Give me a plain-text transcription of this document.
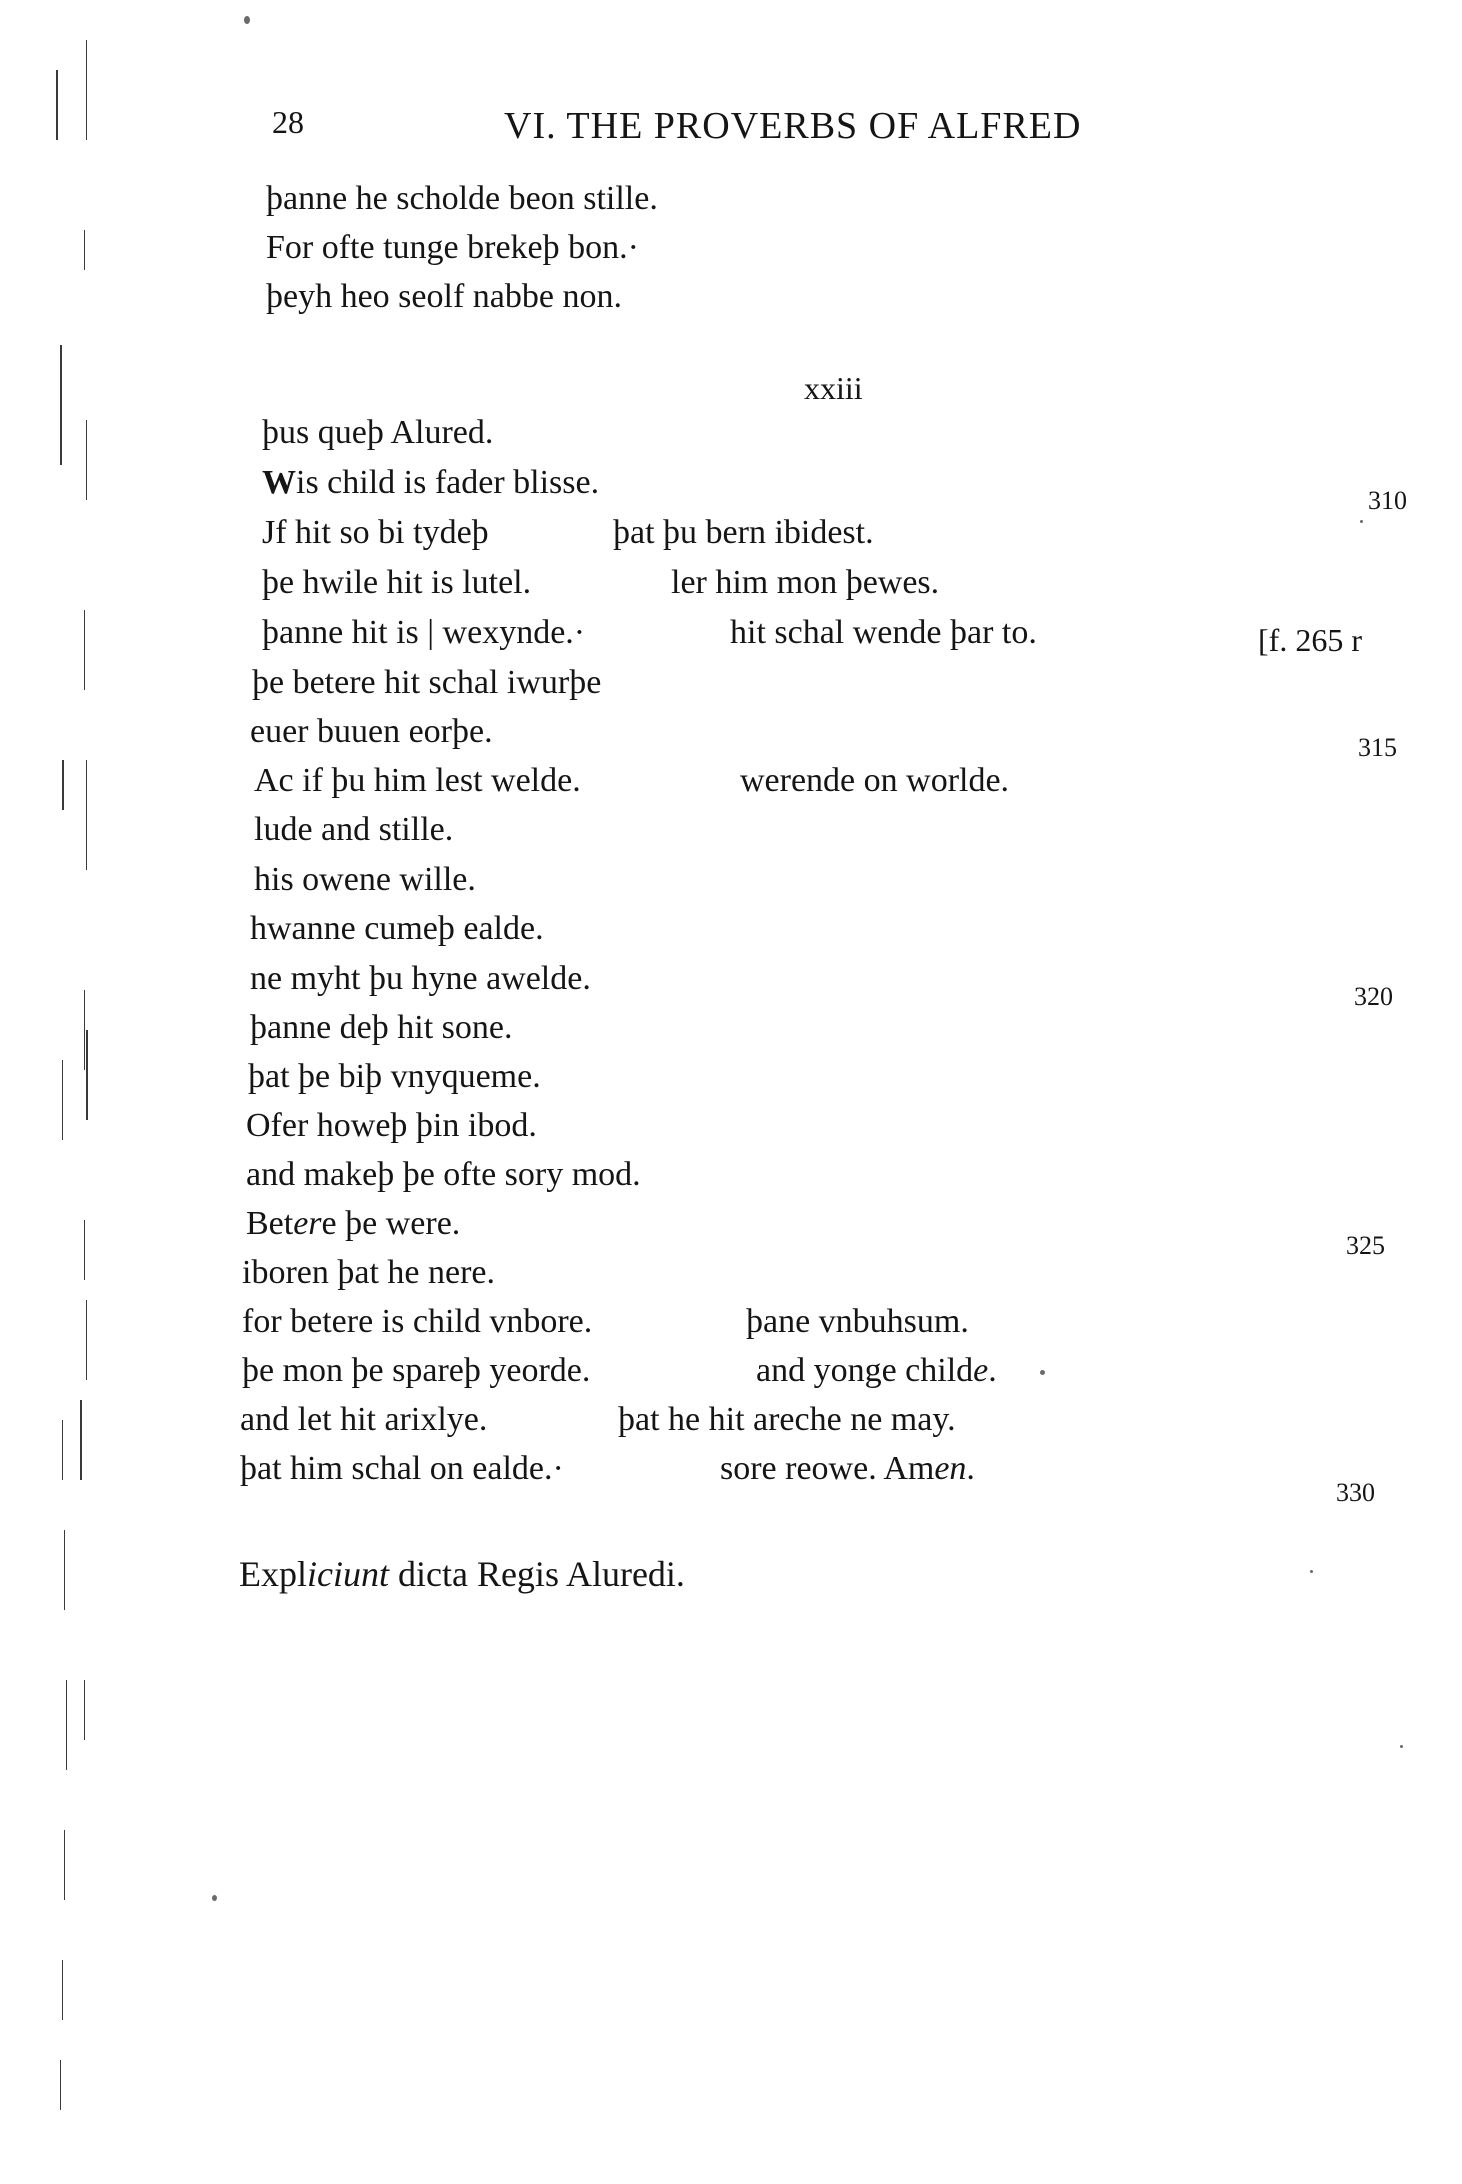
28	VI. THE PROVERBS OF ALFRED
þanne he scholde beon stille.
For ofte tunge brekeþ bon.·
þeyh heo seolf nabbe non.
xxiii
þus queþ Alured.
Wis child is fader blisse.	310
Jf hit so bi tydeþ	þat þu bern ibidest.
þe hwile hit is lutel.	ler him mon þewes.
þanne hit is | wexynde.·	hit schal wende þar to.	[f. 265 r
þe betere hit schal iwurþe
euer buuen eorþe.	315
Ac if þu him lest welde.	werende on worlde.
lude and stille.
his owene wille.
hwanne cumeþ ealde.
ne myht þu hyne awelde.	320
þanne deþ hit sone.
þat þe biþ vnyqueme.
Ofer howeþ þin ibod.
and makeþ þe ofte sory mod.
Betere þe were.
325
iboren þat he nere.
for betere is child vnbore.	þane vnbuhsum.
þe mon þe spareþ yeorde.	and yonge childe.
and let hit arixlye.	þat he hit areche ne may.
þat him schal on ealde.·	sore reowe. Amen.
330
Expliciunt dicta Regis Aluredi.
